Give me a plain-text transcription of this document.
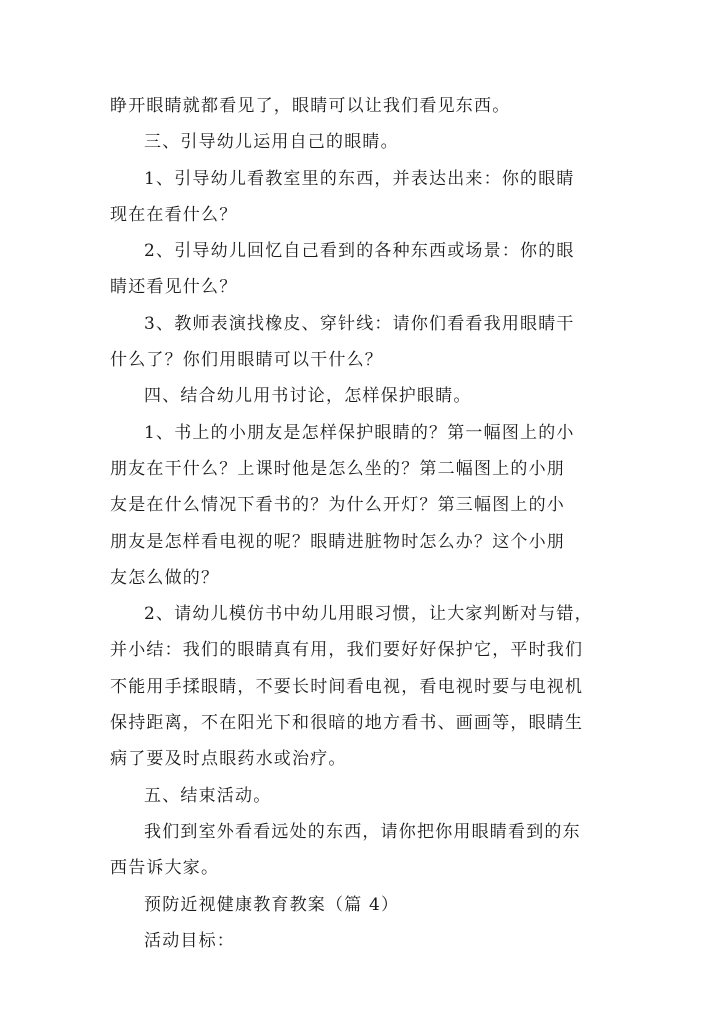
睁开眼睛就都看见了，眼睛可以让我们看见东西。
三、引导幼儿运用自己的眼睛。
1、引导幼儿看教室里的东西，并表达出来：你的眼睛
现在在看什么？
2、引导幼儿回忆自己看到的各种东西或场景：你的眼
睛还看见什么？
3、教师表演找橡皮、穿针线：请你们看看我用眼睛干
什么了？你们用眼睛可以干什么？
四、结合幼儿用书讨论，怎样保护眼睛。
1、书上的小朋友是怎样保护眼睛的？第一幅图上的小
朋友在干什么？上课时他是怎么坐的？第二幅图上的小朋
友是在什么情况下看书的？为什么开灯？第三幅图上的小
朋友是怎样看电视的呢？眼睛进脏物时怎么办？这个小朋
友怎么做的？
2、请幼儿模仿书中幼儿用眼习惯，让大家判断对与错，
并小结：我们的眼睛真有用，我们要好好保护它，平时我们
不能用手揉眼睛，不要长时间看电视，看电视时要与电视机
保持距离，不在阳光下和很暗的地方看书、画画等，眼睛生
病了要及时点眼药水或治疗。
五、结束活动。
我们到室外看看远处的东西，请你把你用眼睛看到的东
西告诉大家。
预防近视健康教育教案（篇 4）
活动目标：
